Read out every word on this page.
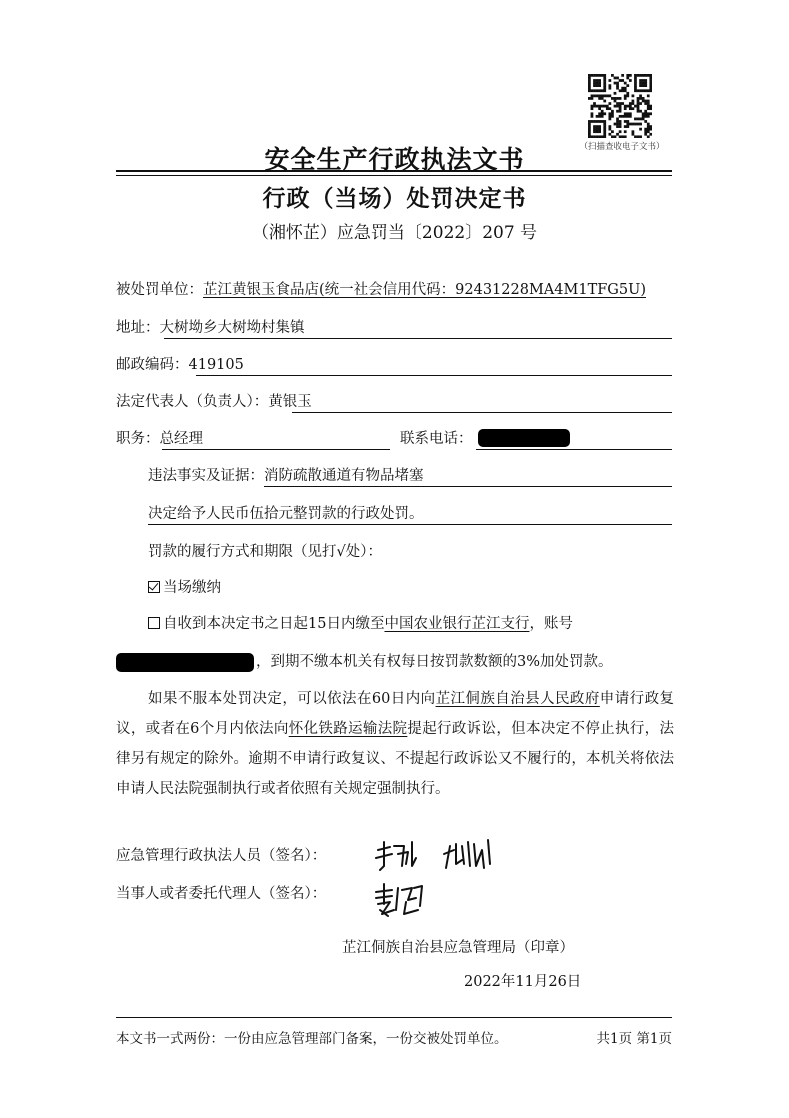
（扫描查收电子文书）
安全生产行政执法文书
行政（当场）处罚决定书
（湘怀芷）应急罚当〔2022〕207 号
被处罚单位：芷江黄银玉食品店(统一社会信用代码：92431228MA4M1TFG5U)
地址：大树坳乡大树坳村集镇
邮政编码：419105
法定代表人（负责人）：黄银玉
职务：总经理	联系电话：
违法事实及证据：消防疏散通道有物品堵塞
决定给予人民币伍拾元整罚款的行政处罚。
罚款的履行方式和期限（见打√处）：
当场缴纳
自收到本决定书之日起15日内缴至中国农业银行芷江支行，账号
，到期不缴本机关有权每日按罚款数额的3%加处罚款。
如果不服本处罚决定，可以依法在60日内向芷江侗族自治县人民政府申请行政复议，或者在6个月内依法向怀化铁路运输法院提起行政诉讼，但本决定不停止执行，法律另有规定的除外。逾期不申请行政复议、不提起行政诉讼又不履行的，本机关将依法申请人民法院强制执行或者依照有关规定强制执行。
应急管理行政执法人员（签名）：
当事人或者委托代理人（签名）：
芷江侗族自治县应急管理局（印章）
2022年11月26日
本文书一式两份：一份由应急管理部门备案，一份交被处罚单位。	共1页 第1页
